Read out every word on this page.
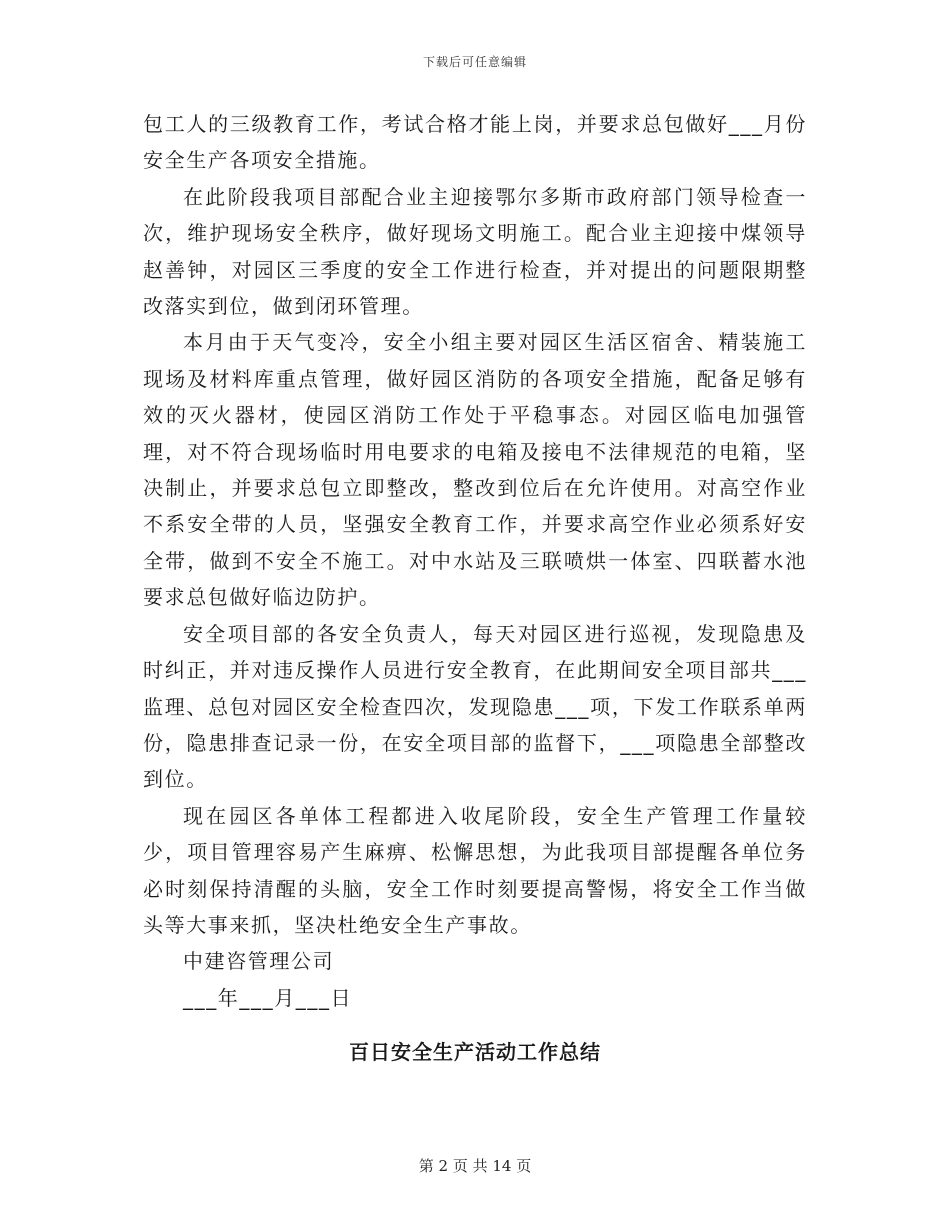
下载后可任意编辑

包工人的三级教育工作，考试合格才能上岗，并要求总包做好___月份安全生产各项安全措施。

在此阶段我项目部配合业主迎接鄂尔多斯市政府部门领导检查一次，维护现场安全秩序，做好现场文明施工。配合业主迎接中煤领导赵善钟，对园区三季度的安全工作进行检查，并对提出的问题限期整改落实到位，做到闭环管理。

本月由于天气变冷，安全小组主要对园区生活区宿舍、精装施工现场及材料库重点管理，做好园区消防的各项安全措施，配备足够有效的灭火器材，使园区消防工作处于平稳事态。对园区临电加强管理，对不符合现场临时用电要求的电箱及接电不法律规范的电箱，坚决制止，并要求总包立即整改，整改到位后在允许使用。对高空作业不系安全带的人员，坚强安全教育工作，并要求高空作业必须系好安全带，做到不安全不施工。对中水站及三联喷烘一体室、四联蓄水池要求总包做好临边防护。

安全项目部的各安全负责人，每天对园区进行巡视，发现隐患及时纠正，并对违反操作人员进行安全教育，在此期间安全项目部共___监理、总包对园区安全检查四次，发现隐患___项，下发工作联系单两份，隐患排查记录一份，在安全项目部的监督下，___项隐患全部整改到位。

现在园区各单体工程都进入收尾阶段，安全生产管理工作量较少，项目管理容易产生麻痹、松懈思想，为此我项目部提醒各单位务必时刻保持清醒的头脑，安全工作时刻要提高警惕，将安全工作当做头等大事来抓，坚决杜绝安全生产事故。

中建咨管理公司

___年___月___日

百日安全生产活动工作总结
第 2 页 共 14 页
